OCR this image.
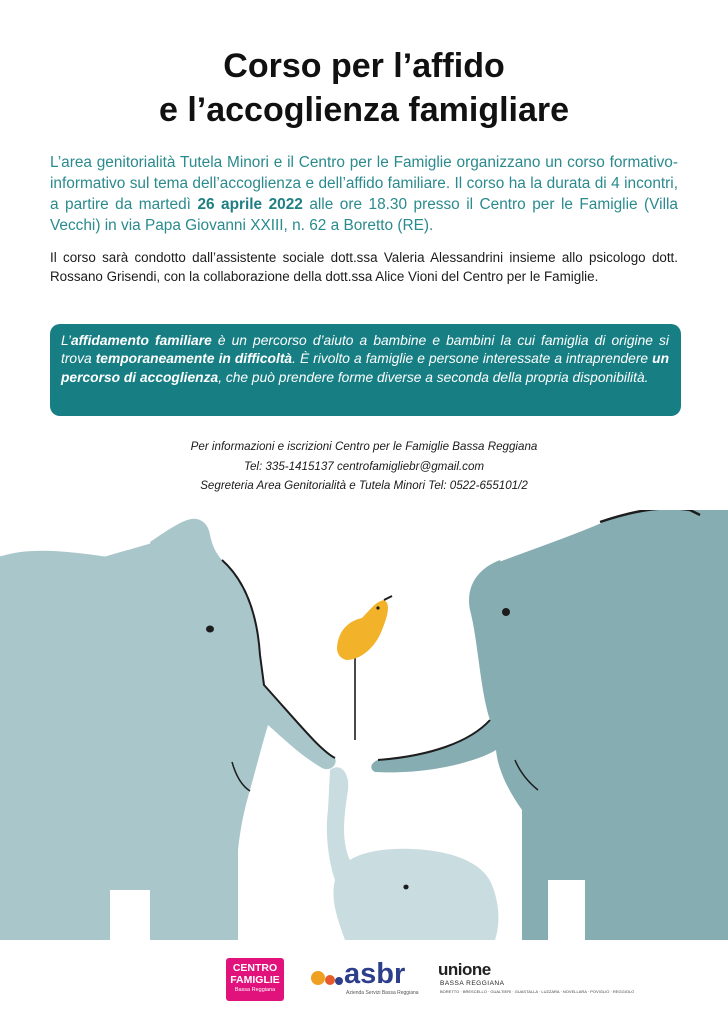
Corso per l’affido
e l’accoglienza famigliare

L’area genitorialità Tutela Minori e il Centro per le Famiglie organizzano un corso formativo-informativo sul tema dell’accoglienza e dell’affido familiare. Il corso ha la durata di 4 incontri, a partire da martedì 26 aprile 2022 alle ore 18.30 presso il Centro per le Famiglie (Villa Vecchi) in via Papa Giovanni XXIII, n. 62 a Boretto (RE).

Il corso sarà condotto dall’assistente sociale dott.ssa Valeria Alessandrini insieme allo psicologo dott. Rossano Grisendi, con la collaborazione della dott.ssa Alice Vioni del Centro per le Famiglie.

L’affidamento familiare è un percorso d’aiuto a bambine e bambini la cui famiglia di origine si trova temporaneamente in difficoltà. È rivolto a famiglie e persone interessate a intraprendere un percorso di accoglienza, che può prendere forme diverse a seconda della propria disponibilità.
Per informazioni e iscrizioni Centro per le Famiglie Bassa Reggiana
Tel: 335-1415137 centrofamigliebr@gmail.com
Segreteria Area Genitorialità e Tutela Minori Tel: 0522-655101/2
CENTRO
FAMIGLIE
Bassa Reggiana	asbr
Azienda Servizi Bassa Reggiana
unione
BASSA REGGIANA
BORETTO · BRESCELLO · GUALTIERI · GUASTALLA · LUZZARA · NOVELLARA · POVIGLIO · REGGIOLO
